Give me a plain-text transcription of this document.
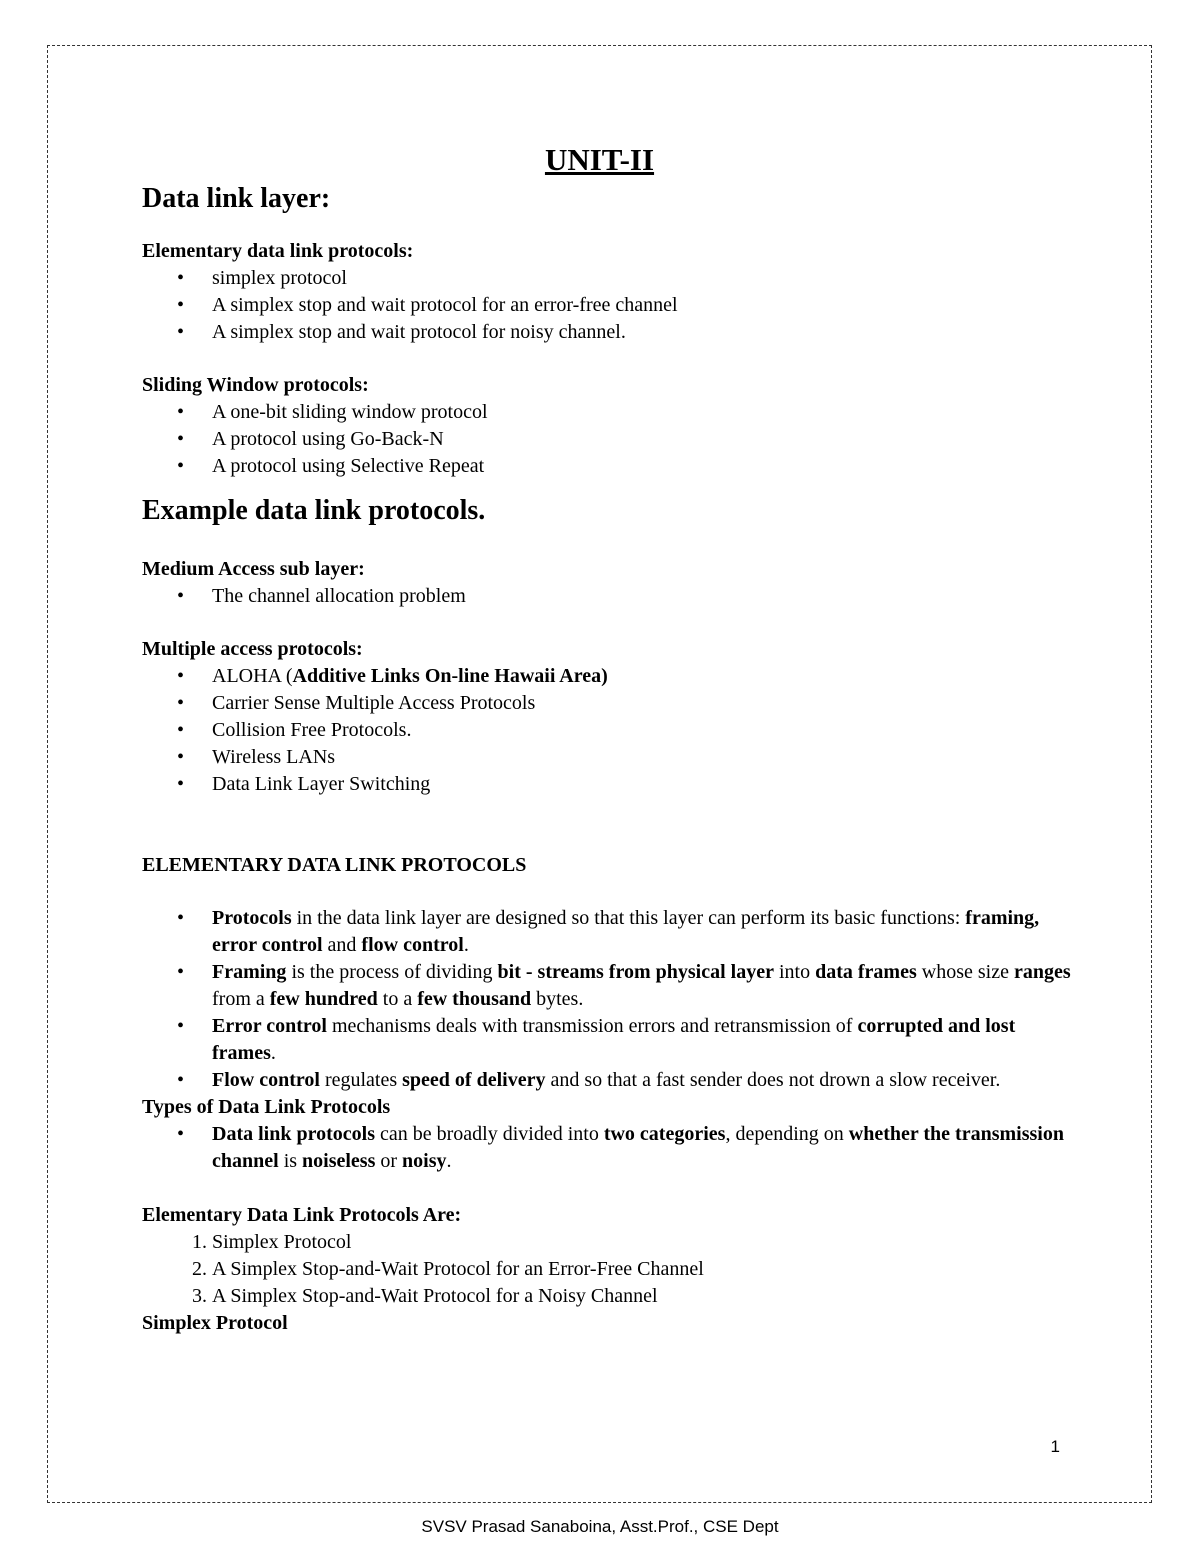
UNIT-II

Data link layer:

Elementary data link protocols:

• simplex protocol
• A simplex stop and wait protocol for an error-free channel
• A simplex stop and wait protocol for noisy channel.

Sliding Window protocols:

• A one-bit sliding window protocol
• A protocol using Go-Back-N
• A protocol using Selective Repeat

Example data link protocols.

Medium Access sub layer:

• The channel allocation problem

Multiple access protocols:

• ALOHA (Additive Links On-line Hawaii Area)
• Carrier Sense Multiple Access Protocols
• Collision Free Protocols.
• Wireless LANs
• Data Link Layer Switching

ELEMENTARY DATA LINK PROTOCOLS

• Protocols in the data link layer are designed so that this layer can perform its basic functions: framing, error control and flow control.
• Framing is the process of dividing bit - streams from physical layer into data frames whose size ranges from a few hundred to a few thousand bytes.
• Error control mechanisms deals with transmission errors and retransmission of corrupted and lost frames.
• Flow control regulates speed of delivery and so that a fast sender does not drown a slow receiver.

Types of Data Link Protocols

• Data link protocols can be broadly divided into two categories, depending on whether the transmission channel is noiseless or noisy.

Elementary Data Link Protocols Are:

1. Simplex Protocol
2. A Simplex Stop-and-Wait Protocol for an Error-Free Channel
3. A Simplex Stop-and-Wait Protocol for a Noisy Channel

Simplex Protocol

1
SVSV Prasad Sanaboina, Asst.Prof., CSE Dept
